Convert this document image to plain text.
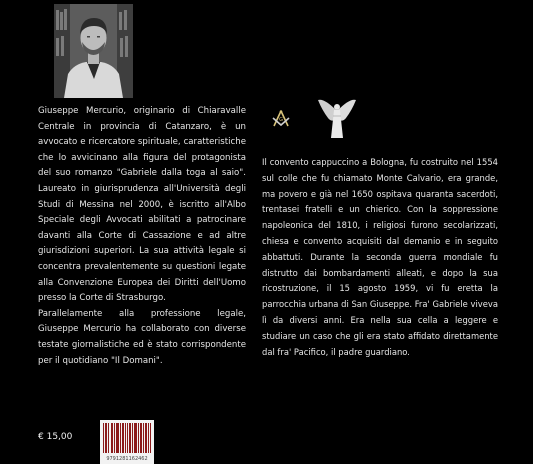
Giuseppe Mercurio, originario di Chiaravalle Centrale in provincia di Catanzaro, è un avvocato e ricercatore spirituale, caratteristiche che lo avvicinano alla figura del protagonista del suo romanzo "Gabriele dalla toga al saio". Laureato in giurisprudenza all'Università degli Studi di Messina nel 2000, è iscritto all'Albo Speciale degli Avvocati abilitati a patrocinare davanti alla Corte di Cassazione e ad altre giurisdizioni superiori. La sua attività legale si concentra prevalentemente su questioni legate alla Convenzione Europea dei Diritti dell'Uomo presso la Corte di Strasburgo.

Parallelamente alla professione legale, Giuseppe Mercurio ha collaborato con diverse testate giornalistiche ed è stato corrispondente per il quotidiano "Il Domani".

€ 15,00
9791281162462
G

Il convento cappuccino a Bologna, fu costruito nel 1554 sul colle che fu chiamato Monte Calvario, era grande, ma povero e già nel 1650 ospitava quaranta sacerdoti, trentasei fratelli e un chierico. Con la soppressione napoleonica del 1810, i religiosi furono secolarizzati, chiesa e convento acquisiti dal demanio e in seguito abbattuti. Durante la seconda guerra mondiale fu distrutto dai bombardamenti alleati, e dopo la sua ricostruzione, il 15 agosto 1959, vi fu eretta la parrocchia urbana di San Giuseppe. Fra' Gabriele viveva lì da diversi anni. Era nella sua cella a leggere e studiare un caso che gli era stato affidato direttamente dal fra' Pacifico, il padre guardiano.
